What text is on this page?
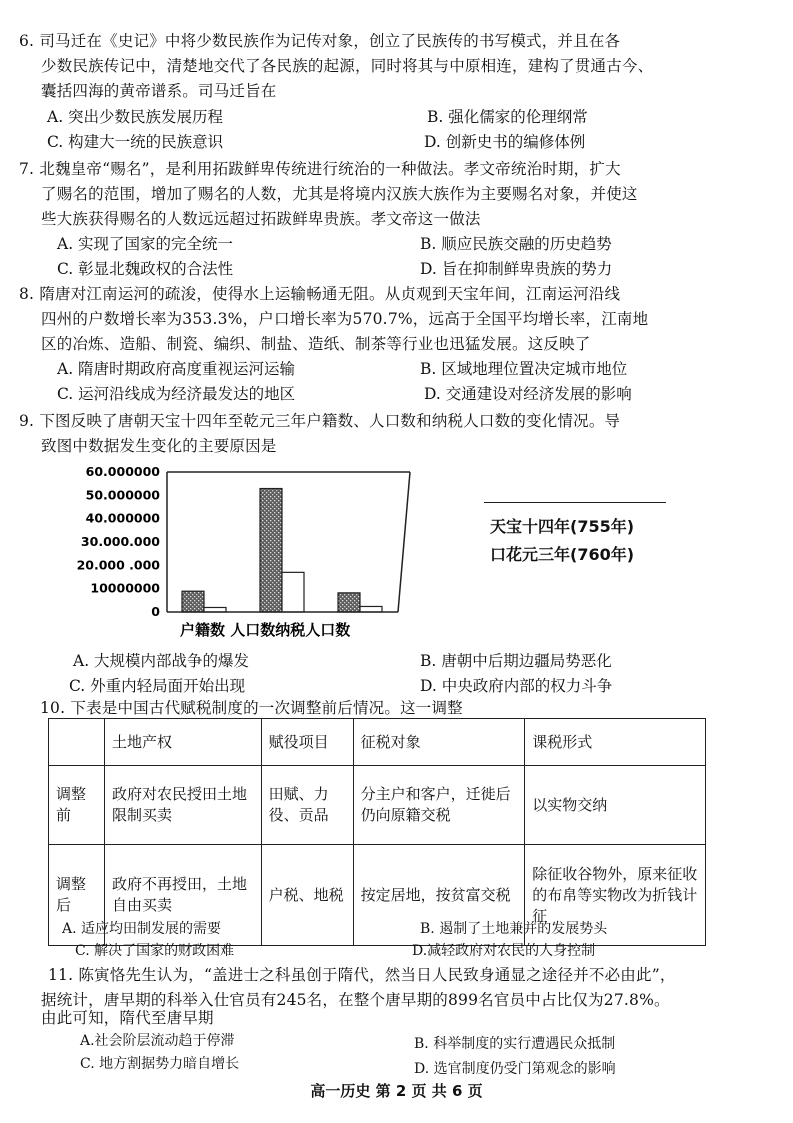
6. 司马迁在《史记》中将少数民族作为记传对象，创立了民族传的书写模式，并且在各
少数民族传记中，清楚地交代了各民族的起源，同时将其与中原相连，建构了贯通古今、
囊括四海的黄帝谱系。司马迁旨在
A. 突出少数民族发展历程	B. 强化儒家的伦理纲常
C. 构建大一统的民族意识	D. 创新史书的编修体例
7. 北魏皇帝“赐名”，是利用拓跋鲜卑传统进行统治的一种做法。孝文帝统治时期，扩大
了赐名的范围，增加了赐名的人数，尤其是将境内汉族大族作为主要赐名对象，并使这
些大族获得赐名的人数远远超过拓跋鲜卑贵族。孝文帝这一做法
A. 实现了国家的完全统一	B. 顺应民族交融的历史趋势
C. 彰显北魏政权的合法性	D. 旨在抑制鲜卑贵族的势力
8. 隋唐对江南运河的疏浚，使得水上运输畅通无阻。从贞观到天宝年间，江南运河沿线
四州的户数增长率为353.3%，户口增长率为570.7%，远高于全国平均增长率，江南地
区的冶炼、造船、制瓷、编织、制盐、造纸、制茶等行业也迅猛发展。这反映了
A. 隋唐时期政府高度重视运河运输	B. 区域地理位置决定城市地位
C. 运河沿线成为经济最发达的地区	D. 交通建设对经济发展的影响
9. 下图反映了唐朝天宝十四年至乾元三年户籍数、人口数和纳税人口数的变化情况。导
致图中数据发生变化的主要原因是
60.000000
50.000000
40.000000
30.000.000
20.000 .000
10000000
0
户籍数 人口数纳税人口数
天宝十四年(755年)
口花元三年(760年)
A. 大规模内部战争的爆发	B. 唐朝中后期边疆局势恶化
C. 外重内轻局面开始出现	D. 中央政府内部的权力斗争
10. 下表是中国古代赋税制度的一次调整前后情况。这一调整
	土地产权	赋役项目	征税对象	课税形式
调整前	政府对农民授田土地限制买卖	田赋、力役、贡品	分主户和客户，迁徙后仍向原籍交税	以实物交纳
调整后	政府不再授田，土地自由买卖	户税、地税	按定居地，按贫富交税	除征收谷物外，原来征收的布帛等实物改为折钱计征
A. 适应均田制发展的需要	B. 遏制了土地兼并的发展势头
C. 解决了国家的财政困难	D.减轻政府对农民的人身控制
11. 陈寅恪先生认为，“盖进士之科虽创于隋代，然当日人民致身通显之途径并不必由此”，
据统计，唐早期的科举入仕官员有245名，在整个唐早期的899名官员中占比仅为27.8%。
由此可知，隋代至唐早期
A.社会阶层流动趋于停滞	B. 科举制度的实行遭遇民众抵制
C. 地方割据势力暗自增长	D. 选官制度仍受门第观念的影响
高一历史 第 2 页 共 6 页
